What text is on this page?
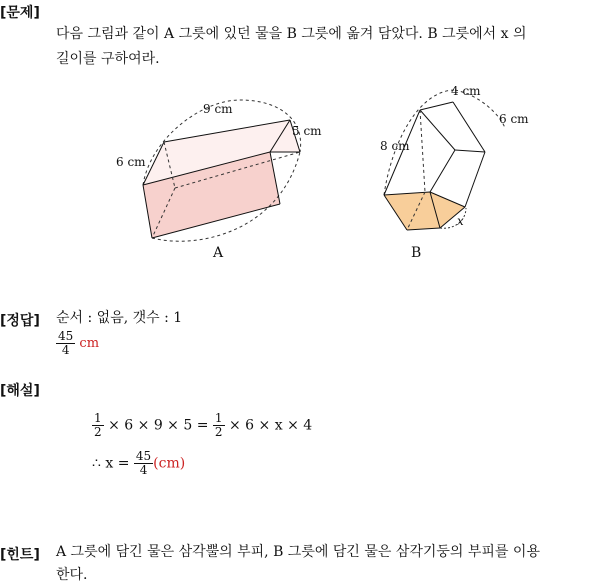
[문제]
다음 그림과 같이 A 그릇에 있던 물을 B 그릇에 옮겨 담았다. B 그릇에서 x 의
길이를 구하여라.
9 cm
5 cm
6 cm
A
4 cm
6 cm
8 cm
x
B
[정답] 순서 : 없음, 갯수 : 1
$\frac{45}{4}$ cm
[해설]
$\frac{1}{2} \times 6 \times 9 \times 5 = \frac{1}{2} \times 6 \times x \times 4$
∴ $x = \frac{45}{4} (cm)$
[힌트] A 그릇에 담긴 물은 삼각뿔의 부피, B 그릇에 담긴 물은 삼각기둥의 부피를 이용
한다.
